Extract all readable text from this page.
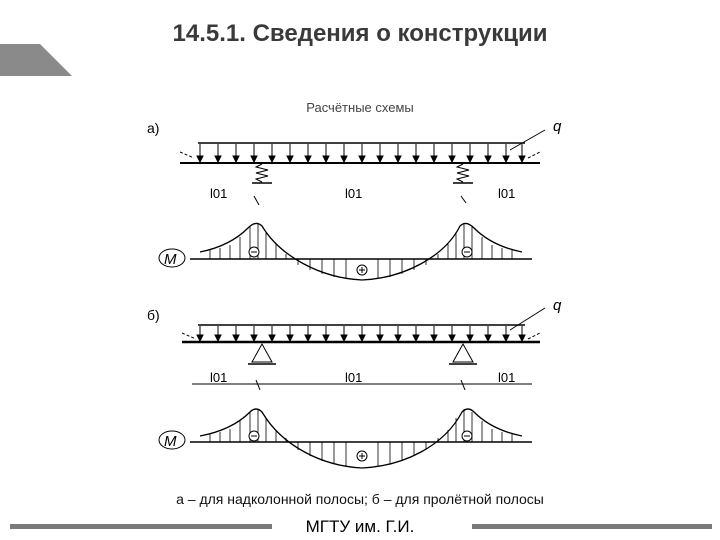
14.5.1. Сведения о конструкции
Расчётные схемы
а)	q
l01	l01	l01
M
б)
q
l01	l01	l01
M
а – для надколонной полосы; б – для пролётной полосы
МГТУ им. Г.И.
